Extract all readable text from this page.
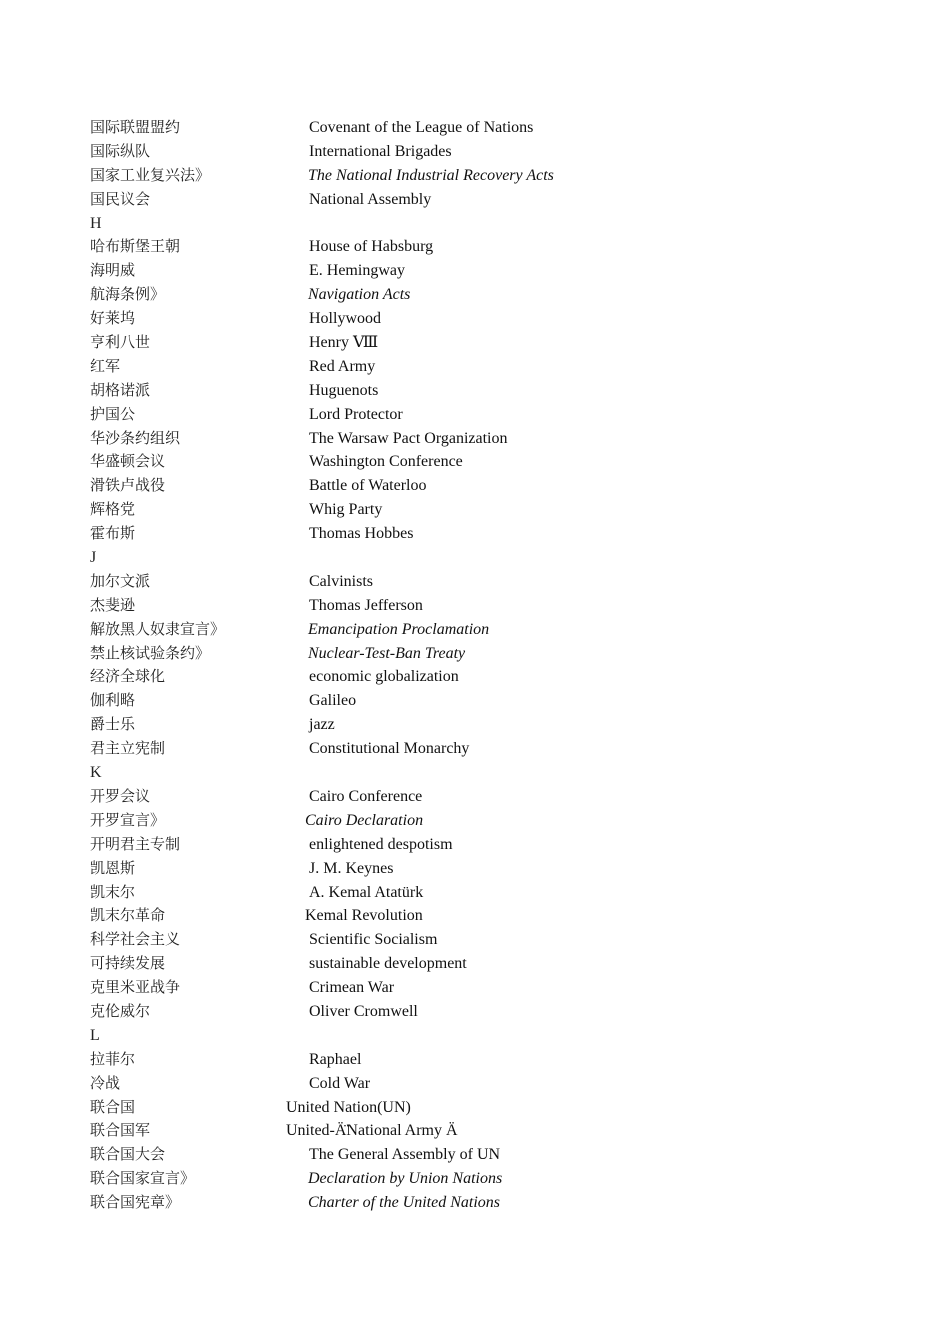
国际联盟盟约	Covenant of the League of Nations
国际纵队	International Brigades
国家工业复兴法》	The National Industrial Recovery Acts
国民议会	National Assembly
H
哈布斯堡王朝	House of Habsburg
海明威	E. Hemingway
航海条例》	Navigation Acts
好莱坞	Hollywood
亨利八世	Henry Ⅷ
红军	Red Army
胡格诺派	Huguenots
护国公	Lord Protector
华沙条约组织	The Warsaw Pact Organization
华盛顿会议	Washington Conference
滑铁卢战役	Battle of Waterloo
辉格党	Whig Party
霍布斯	Thomas Hobbes
J
加尔文派	Calvinists
杰斐逊	Thomas Jefferson
解放黑人奴隶宣言》	Emancipation Proclamation
禁止核试验条约》	Nuclear-Test-Ban Treaty
经济全球化	economic globalization
伽利略	Galileo
爵士乐	jazz
君主立宪制	Constitutional Monarchy
K
开罗会议	Cairo Conference
开罗宣言》	Cairo Declaration
开明君主专制	enlightened despotism
凯恩斯	J. M. Keynes
凯末尔	A. Kemal Atatürk
凯末尔革命	Kemal Revolution
科学社会主义	Scientific Socialism
可持续发展	sustainable development
克里米亚战争	Crimean War
克伦威尔	Oliver Cromwell
L
拉菲尔	Raphael
冷战	Cold War
联合国	United Nation(UN)
联合国军	United-Ä̈National Army Ä
联合国大会	The General Assembly of UN
联合国家宣言》	Declaration by Union Nations
联合国宪章》	Charter of the United Nations
